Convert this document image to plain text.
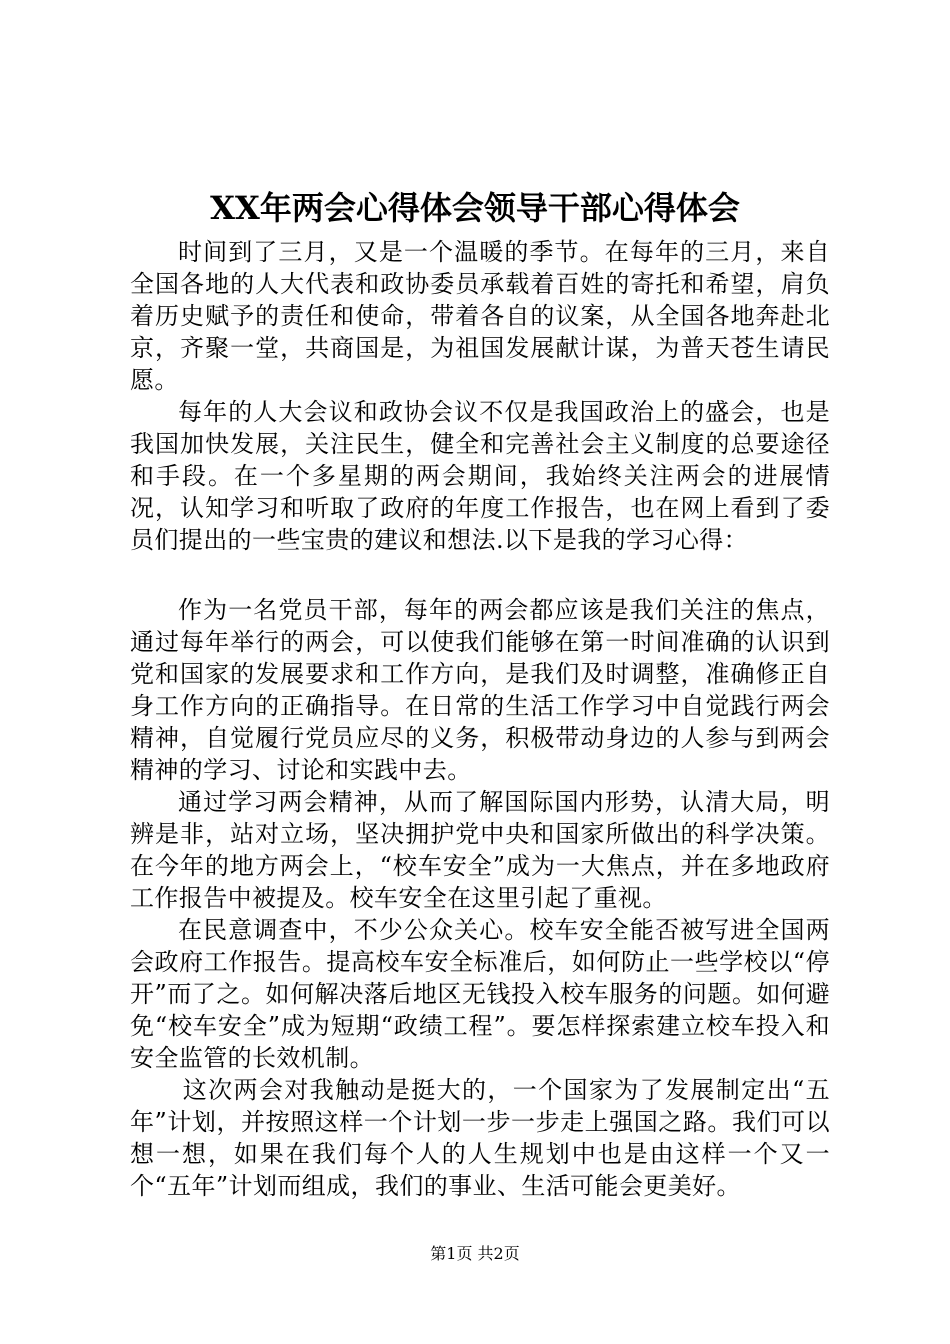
XX年两会心得体会领导干部心得体会

时间到了三月，又是一个温暖的季节。在每年的三月，来自全国各地的人大代表和政协委员承载着百姓的寄托和希望，肩负着历史赋予的责任和使命，带着各自的议案，从全国各地奔赴北京，齐聚一堂，共商国是，为祖国发展献计谋，为普天苍生请民愿。

每年的人大会议和政协会议不仅是我国政治上的盛会，也是我国加快发展，关注民生，健全和完善社会主义制度的总要途径和手段。在一个多星期的两会期间，我始终关注两会的进展情况，认知学习和听取了政府的年度工作报告，也在网上看到了委员们提出的一些宝贵的建议和想法.以下是我的学习心得：

作为一名党员干部，每年的两会都应该是我们关注的焦点，通过每年举行的两会，可以使我们能够在第一时间准确的认识到党和国家的发展要求和工作方向，是我们及时调整，准确修正自身工作方向的正确指导。在日常的生活工作学习中自觉践行两会精神，自觉履行党员应尽的义务，积极带动身边的人参与到两会精神的学习、讨论和实践中去。

通过学习两会精神，从而了解国际国内形势，认清大局，明辨是非，站对立场，坚决拥护党中央和国家所做出的科学决策。在今年的地方两会上，“校车安全”成为一大焦点，并在多地政府工作报告中被提及。校车安全在这里引起了重视。

在民意调查中，不少公众关心。校车安全能否被写进全国两会政府工作报告。提高校车安全标准后，如何防止一些学校以“停开”而了之。如何解决落后地区无钱投入校车服务的问题。如何避免“校车安全”成为短期“政绩工程”。要怎样探索建立校车投入和安全监管的长效机制。

这次两会对我触动是挺大的，一个国家为了发展制定出“五年”计划，并按照这样一个计划一步一步走上强国之路。我们可以想一想，如果在我们每个人的人生规划中也是由这样一个又一个“五年”计划而组成，我们的事业、生活可能会更美好。

第1页 共2页
